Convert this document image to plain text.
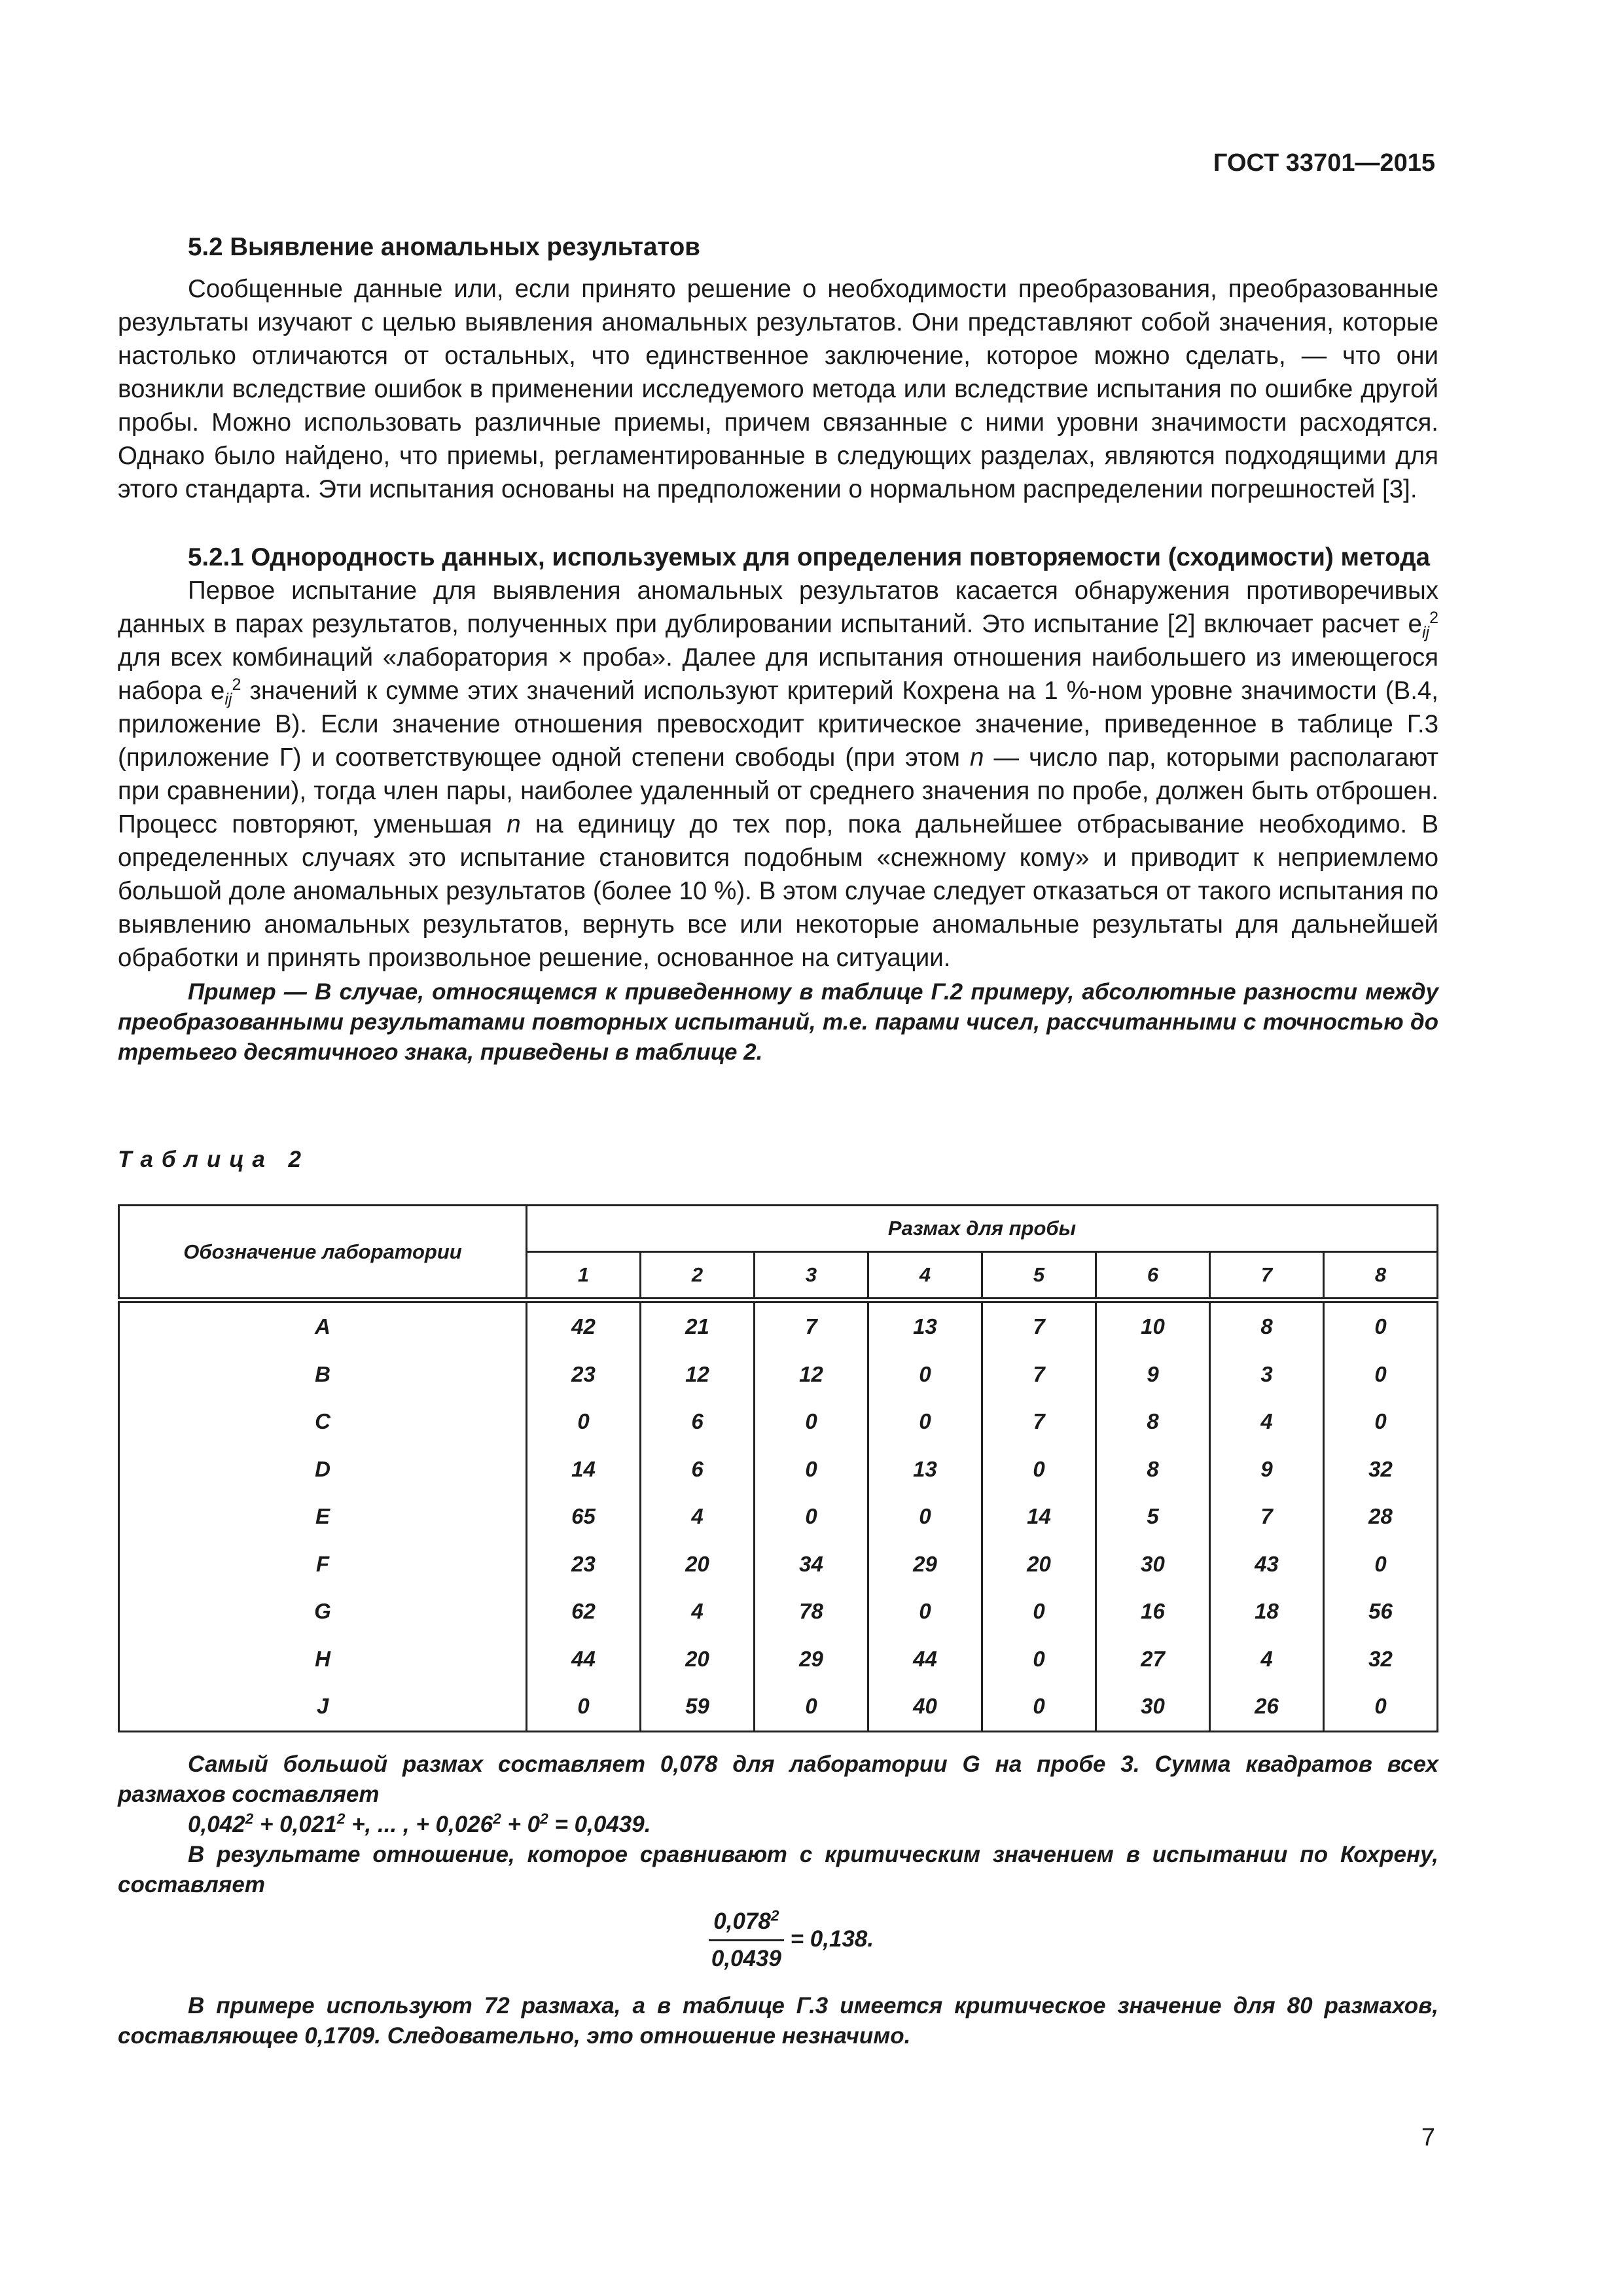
ГОСТ 33701—2015

5.2 Выявление аномальных результатов

Сообщенные данные или, если принято решение о необходимости преобразования, преобразованные результаты изучают с целью выявления аномальных результатов. Они представляют собой значения, которые настолько отличаются от остальных, что единственное заключение, которое можно сделать, — что они возникли вследствие ошибок в применении исследуемого метода или вследствие испытания по ошибке другой пробы. Можно использовать различные приемы, причем связанные с ними уровни значимости расходятся. Однако было найдено, что приемы, регламентированные в следующих разделах, являются подходящими для этого стандарта. Эти испытания основаны на предположении о нормальном распределении погрешностей [3].

5.2.1 Однородность данных, используемых для определения повторяемости (сходимости) метода

Первое испытание для выявления аномальных результатов касается обнаружения противоречивых данных в парах результатов, полученных при дублировании испытаний. Это испытание [2] включает расчет $e_{ij}^2$ для всех комбинаций «лаборатория × проба». Далее для испытания отношения наибольшего из имеющегося набора $e_{ij}^2$ значений к сумме этих значений используют критерий Кохрена на 1 %-ном уровне значимости (В.4, приложение В). Если значение отношения превосходит критическое значение, приведенное в таблице Г.3 (приложение Г) и соответствующее одной степени свободы (при этом n — число пар, которыми располагают при сравнении), тогда член пары, наиболее удаленный от среднего значения по пробе, должен быть отброшен. Процесс повторяют, уменьшая n на единицу до тех пор, пока дальнейшее отбрасывание необходимо. В определенных случаях это испытание становится подобным «снежному кому» и приводит к неприемлемо большой доле аномальных результатов (более 10 %). В этом случае следует отказаться от такого испытания по выявлению аномальных результатов, вернуть все или некоторые аномальные результаты для дальнейшей обработки и принять произвольное решение, основанное на ситуации.

Пример — В случае, относящемся к приведенному в таблице Г.2 примеру, абсолютные разности между преобразованными результатами повторных испытаний, т.е. парами чисел, рассчитанными с точностью до третьего десятичного знака, приведены в таблице 2.

Таблица 2

Обозначение лаборатории	Размах для пробы							
	1	2	3	4	5	6	7	8
A	42	21	7	13	7	10	8	0
B	23	12	12	0	7	9	3	0
C	0	6	0	0	7	8	4	0
D	14	6	0	13	0	8	9	32
E	65	4	0	0	14	5	7	28
F	23	20	34	29	20	30	43	0
G	62	4	78	0	0	16	18	56
H	44	20	29	44	0	27	4	32
J	0	59	0	40	0	30	26	0

Самый большой размах составляет 0,078 для лаборатории G на пробе 3. Сумма квадратов всех размахов составляет

$0,042^2 + 0,021^2$ +, ... , + $0,026^2 + 0^2 = 0,0439$.

В результате отношение, которое сравнивают с критическим значением в испытании по Кохрену, составляет

$\frac{0,078^2}{0,0439} = 0,138$.

В примере используют 72 размаха, а в таблице Г.3 имеется критическое значение для 80 размахов, составляющее 0,1709. Следовательно, это отношение незначимо.

7
